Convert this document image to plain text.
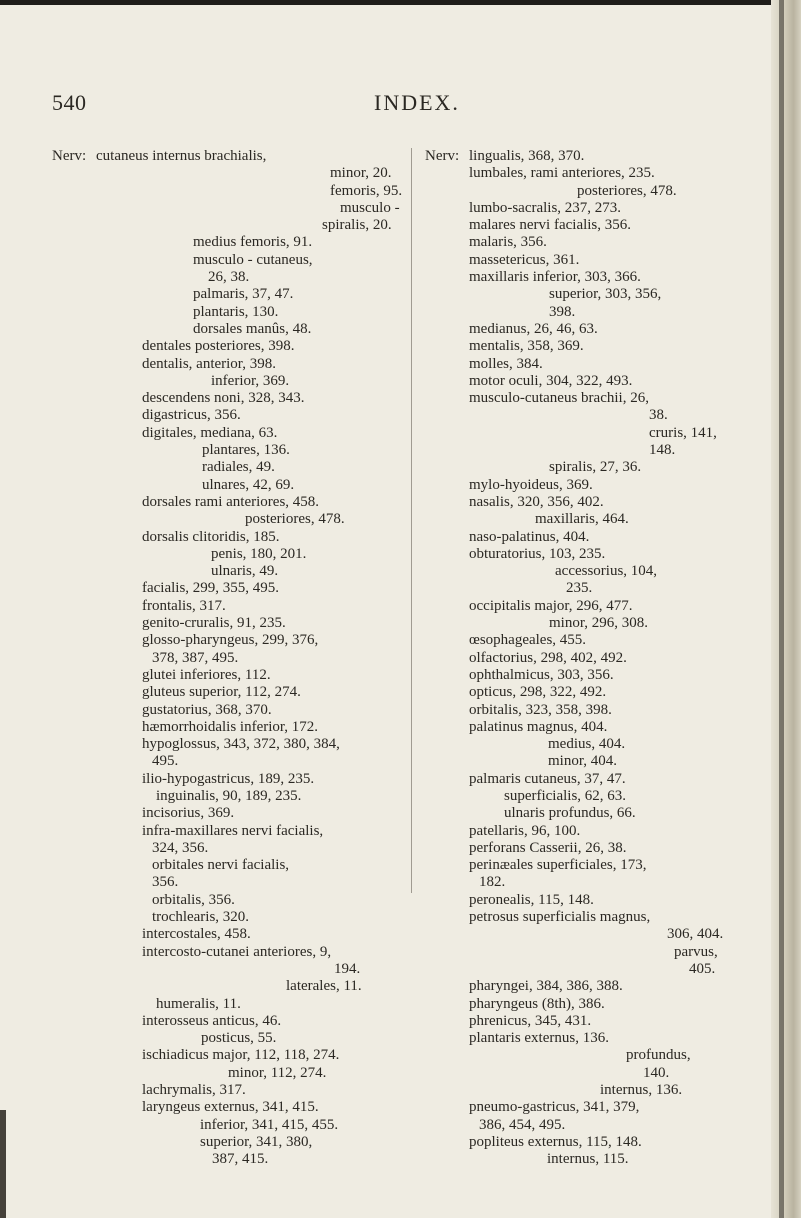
540	INDEX.
Nerv: cutaneus internus brachialis,
minor, 20.
femoris, 95.
musculo -
spiralis, 20.
medius femoris, 91.
musculo - cutaneus,
26, 38.
palmaris, 37, 47.
plantaris, 130.
dorsales manûs, 48.
dentales posteriores, 398.
dentalis, anterior, 398.
inferior, 369.
descendens noni, 328, 343.
digastricus, 356.
digitales, mediana, 63.
plantares, 136.
radiales, 49.
ulnares, 42, 69.
dorsales rami anteriores, 458.
posteriores, 478.
dorsalis clitoridis, 185.
penis, 180, 201.
ulnaris, 49.
facialis, 299, 355, 495.
frontalis, 317.
genito-cruralis, 91, 235.
glosso-pharyngeus, 299, 376,
378, 387, 495.
glutei inferiores, 112.
gluteus superior, 112, 274.
gustatorius, 368, 370.
hæmorrhoidalis inferior, 172.
hypoglossus, 343, 372, 380, 384,
495.
ilio-hypogastricus, 189, 235.
inguinalis, 90, 189, 235.
incisorius, 369.
infra-maxillares nervi facialis,
324, 356.
orbitales nervi facialis,
356.
orbitalis, 356.
trochlearis, 320.
intercostales, 458.
intercosto-cutanei anteriores, 9,
194.
laterales, 11.
humeralis, 11.
interosseus anticus, 46.
posticus, 55.
ischiadicus major, 112, 118, 274.
minor, 112, 274.
lachrymalis, 317.
laryngeus externus, 341, 415.
inferior, 341, 415, 455.
superior, 341, 380,
387, 415.
Nerv: lingualis, 368, 370.
lumbales, rami anteriores, 235.
posteriores, 478.
lumbo-sacralis, 237, 273.
malares nervi facialis, 356.
malaris, 356.
massetericus, 361.
maxillaris inferior, 303, 366.
superior, 303, 356,
398.
medianus, 26, 46, 63.
mentalis, 358, 369.
molles, 384.
motor oculi, 304, 322, 493.
musculo-cutaneus brachii, 26,
38.
cruris, 141,
148.
spiralis, 27, 36.
mylo-hyoideus, 369.
nasalis, 320, 356, 402.
maxillaris, 464.
naso-palatinus, 404.
obturatorius, 103, 235.
accessorius, 104,
235.
occipitalis major, 296, 477.
minor, 296, 308.
œsophageales, 455.
olfactorius, 298, 402, 492.
ophthalmicus, 303, 356.
opticus, 298, 322, 492.
orbitalis, 323, 358, 398.
palatinus magnus, 404.
medius, 404.
minor, 404.
palmaris cutaneus, 37, 47.
superficialis, 62, 63.
ulnaris profundus, 66.
patellaris, 96, 100.
perforans Casserii, 26, 38.
perinæales superficiales, 173,
182.
peronealis, 115, 148.
petrosus superficialis magnus,
306, 404.
parvus,
405.
pharyngei, 384, 386, 388.
pharyngeus (8th), 386.
phrenicus, 345, 431.
plantaris externus, 136.
profundus,
140.
internus, 136.
pneumo-gastricus, 341, 379,
386, 454, 495.
popliteus externus, 115, 148.
internus, 115.
